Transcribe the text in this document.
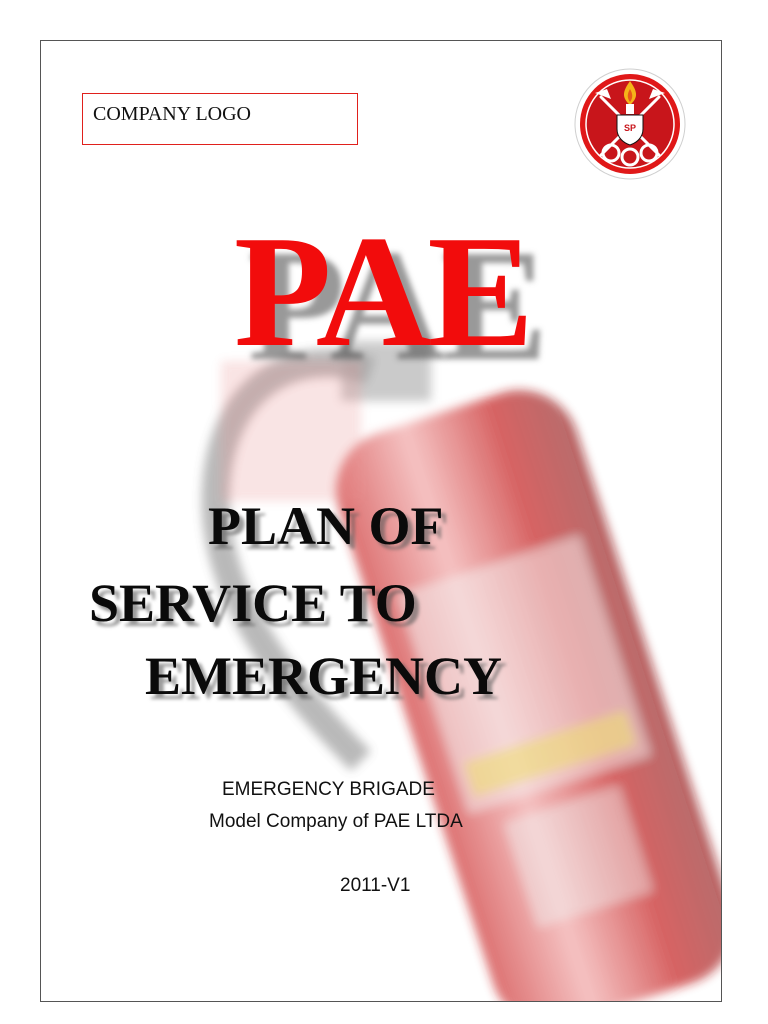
COMPANY LOGO
SP
PAE
PLAN OF
SERVICE TO
EMERGENCY
EMERGENCY BRIGADE
Model Company of PAE LTDA
2011-V1
